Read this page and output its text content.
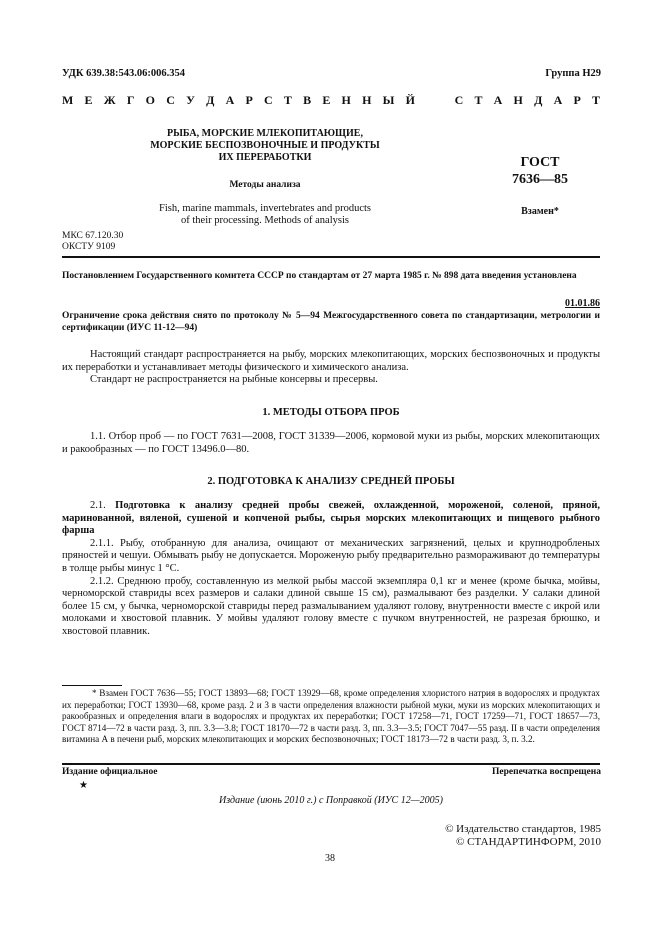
УДК 639.38:543.06:006.354	Группа Н29
М Е Ж Г О С У Д А Р С Т В Е Н Н Ы Й

	С Т А Н Д А Р Т
РЫБА, МОРСКИЕ МЛЕКОПИТАЮЩИЕ,
МОРСКИЕ БЕСПОЗВОНОЧНЫЕ И ПРОДУКТЫ
ИХ ПЕРЕРАБОТКИ
Методы анализа
Fish, marine mammals, invertebrates and products
of their processing. Methods of analysis
ГОСТ
7636—85
Взамен*
МКС 67.120.30
ОКСТУ 9109
Постановлением Государственного комитета СССР по стандартам от 27 марта 1985 г. № 898 дата введения установлена
01.01.86
Ограничение срока действия снято по протоколу № 5—94 Межгосударственного совета по стандартизации, метрологии и сертификации (ИУС 11-12—94)

Настоящий стандарт распространяется на рыбу, морских млекопитающих, морских беспозвоночных и продукты их переработки и устанавливает методы физического и химического анализа.

Стандарт не распространяется на рыбные консервы и пресервы.

1. МЕТОДЫ ОТБОРА ПРОБ

1.1. Отбор проб — по ГОСТ 7631—2008, ГОСТ 31339—2006, кормовой муки из рыбы, морских млекопитающих и ракообразных — по ГОСТ 13496.0—80.

2. ПОДГОТОВКА К АНАЛИЗУ СРЕДНЕЙ ПРОБЫ

2.1. Подготовка к анализу средней пробы свежей, охлажденной, мороженой, соленой, пряной, маринованной, вяленой, сушеной и копченой рыбы, сырья морских млекопитающих и пищевого рыбного фарша

2.1.1. Рыбу, отобранную для анализа, очищают от механических загрязнений, целых и крупнодробленых пряностей и чешуи. Обмывать рыбу не допускается. Мороженую рыбу предварительно размораживают до температуры в толще рыбы минус 1 °С.

2.1.2. Среднюю пробу, составленную из мелкой рыбы массой экземпляра 0,1 кг и менее (кроме бычка, мойвы, черноморской ставриды всех размеров и салаки длиной свыше 15 см), размалывают без разделки. У салаки длиной более 15 см, у бычка, черноморской ставриды перед размалыванием удаляют голову, внутренности вместе с икрой или молоками и хвостовой плавник. У мойвы удаляют голову вместе с пучком внутренностей, не разрезая брюшко, и хвостовой плавник.

* Взамен ГОСТ 7636—55; ГОСТ 13893—68; ГОСТ 13929—68, кроме определения хлористого натрия в водорослях и продуктах их переработки; ГОСТ 13930—68, кроме разд. 2 и 3 в части определения влажности рыбной муки, муки из морских млекопитающих и ракообразных и определения влаги в водорослях и продуктах их переработки; ГОСТ 17258—71, ГОСТ 17259—71, ГОСТ 18657—73, ГОСТ 8714—72 в части разд. 3, пп. 3.3—3.8; ГОСТ 18170—72 в части разд. 3, пп. 3.3—3.5; ГОСТ 7047—55 разд. II в части определения витамина А в печени рыб, морских млекопитающих и морских беспозвоночных; ГОСТ 18173—72 в части разд. 3, п. 3.2.

Издание официальное
★
Перепечатка воспрещена
Издание (июнь 2010 г.) с Поправкой (ИУС 12—2005)
© Издательство стандартов, 1985
© СТАНДАРТИНФОРМ, 2010
38
